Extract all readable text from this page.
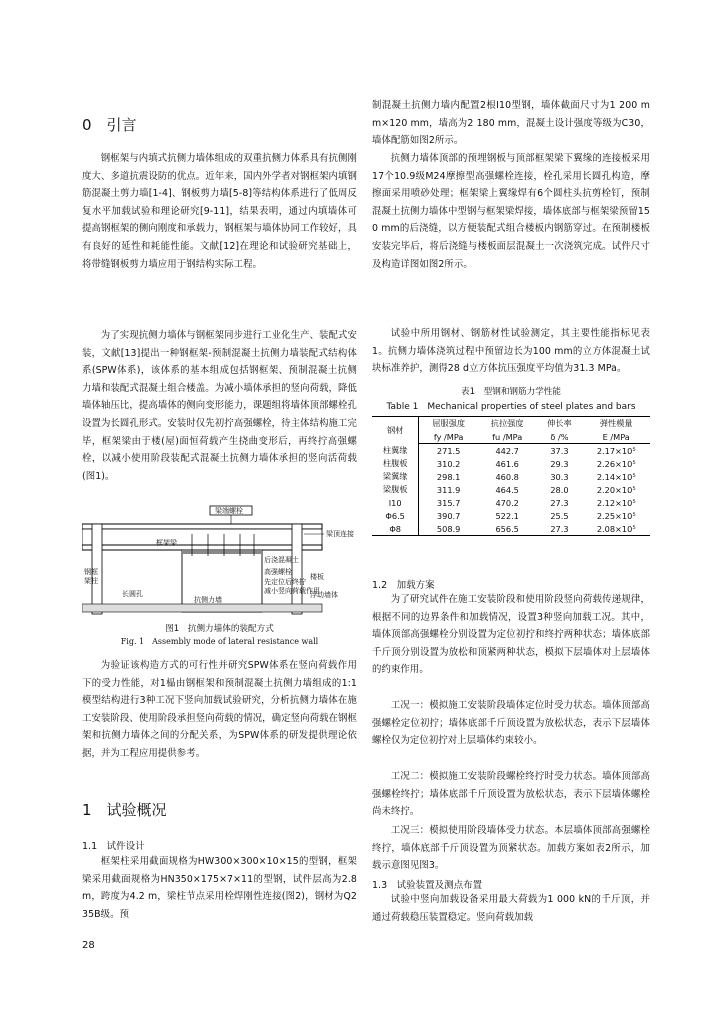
0　引言

钢框架与内填式抗侧力墙体组成的双重抗侧力体系具有抗侧刚度大、多道抗震设防的优点。近年来，国内外学者对钢框架内填钢筋混凝土剪力墙[1-4]、钢板剪力墙[5-8]等结构体系进行了低周反复水平加载试验和理论研究[9-11]，结果表明，通过内填墙体可提高钢框架的侧向刚度和承载力，钢框架与墙体协同工作较好，具有良好的延性和耗能性能。文献[12]在理论和试验研究基础上，将带缝钢板剪力墙应用于钢结构实际工程。

为了实现抗侧力墙体与钢框架同步进行工业化生产、装配式安装，文献[13]提出一种钢框架-预制混凝土抗侧力墙装配式结构体系(SPW体系)，该体系的基本组成包括钢框架、预制混凝土抗侧力墙和装配式混凝土组合楼盖。为减小墙体承担的竖向荷载，降低墙体轴压比，提高墙体的侧向变形能力，课题组将墙体顶部螺栓孔设置为长圆孔形式。安装时仅先初拧高强螺栓，待主体结构施工完毕，框架梁由于楼(屋)面恒荷载产生挠曲变形后，再终拧高强螺栓，以减小使用阶段装配式混凝土抗侧力墙体承担的竖向活荷载(图1)。

梁端螺栓
梁顶连接
框架梁
后浇混凝土
高强螺栓
先定位后终拧
减小竖向荷载作用
楼板
钢框
架柱
长圆孔
抗侧力墙
浮动墙体
图1　抗侧力墙体的装配方式
Fig. 1　Assembly mode of lateral resistance wall

为验证该构造方式的可行性并研究SPW体系在竖向荷载作用下的受力性能，对1榀由钢框架和预制混凝土抗侧力墙组成的1:1模型结构进行3种工况下竖向加载试验研究，分析抗侧力墙体在施工安装阶段、使用阶段承担竖向荷载的情况，确定竖向荷载在钢框架和抗侧力墙体之间的分配关系，为SPW体系的研发提供理论依据，并为工程应用提供参考。

1　试验概况
1.1　试件设计

框架柱采用截面规格为HW300×300×10×15的型钢，框架梁采用截面规格为HN350×175×7×11的型钢，试件层高为2.8 m，跨度为4.2 m，梁柱节点采用栓焊刚性连接(图2)，钢材为Q235B级。预

28

制混凝土抗侧力墙内配置2根I10型钢，墙体截面尺寸为1 200 mm×120 mm，墙高为2 180 mm，混凝土设计强度等级为C30，墙体配筋如图2所示。

抗侧力墙体顶部的预埋钢板与顶部框架梁下翼缘的连接板采用17个10.9级M24摩擦型高强螺栓连接，栓孔采用长圆孔构造，摩擦面采用喷砂处理；框架梁上翼缘焊有6个圆柱头抗剪栓钉，预制混凝土抗侧力墙体中型钢与框架梁焊接，墙体底部与框架梁预留150 mm的后浇缝，以方便装配式组合楼板内钢筋穿过。在预制楼板安装完毕后，将后浇缝与楼板面层混凝土一次浇筑完成。试件尺寸及构造详图如图2所示。

试验中所用钢材、钢筋材性试验测定，其主要性能指标见表1。抗侧力墙体浇筑过程中预留边长为100 mm的立方体混凝土试块标准养护，测得28 d立方体抗压强度平均值为31.3 MPa。

表1　型钢和钢筋力学性能
Table 1　Mechanical properties of steel plates and bars
钢材	屈服强度	抗拉强度	伸长率	弹性模量
	fy /MPa	fu /MPa	δ /%	E /MPa
柱翼缘	271.5	442.7	37.3	2.17×10⁵
柱腹板	310.2	461.6	29.3	2.26×10⁵
梁翼缘	298.1	460.8	30.3	2.14×10⁵
梁腹板	311.9	464.5	28.0	2.20×10⁵
I10	315.7	470.2	27.3	2.12×10⁵
Φ6.5	390.7	522.1	25.5	2.25×10⁵
Φ8	508.9	656.5	27.3	2.08×10⁵
1.2　加载方案

为了研究试件在施工安装阶段和使用阶段竖向荷载传递规律，根据不同的边界条件和加载情况，设置3种竖向加载工况。其中，墙体顶部高强螺栓分别设置为定位初拧和终拧两种状态；墙体底部千斤顶分别设置为放松和顶紧两种状态，模拟下层墙体对上层墙体的约束作用。

工况一：模拟施工安装阶段墙体定位时受力状态。墙体顶部高强螺栓定位初拧；墙体底部千斤顶设置为放松状态，表示下层墙体螺栓仅为定位初拧对上层墙体约束较小。

工况二：模拟施工安装阶段螺栓终拧时受力状态。墙体顶部高强螺栓终拧；墙体底部千斤顶设置为放松状态，表示下层墙体螺栓尚未终拧。

工况三：模拟使用阶段墙体受力状态。本层墙体顶部高强螺栓终拧，墙体底部千斤顶设置为顶紧状态。加载方案如表2所示，加载示意图见图3。

1.3　试验装置及测点布置

试验中竖向加载设备采用最大荷载为1 000 kN的千斤顶，并通过荷载稳压装置稳定。竖向荷载加载
